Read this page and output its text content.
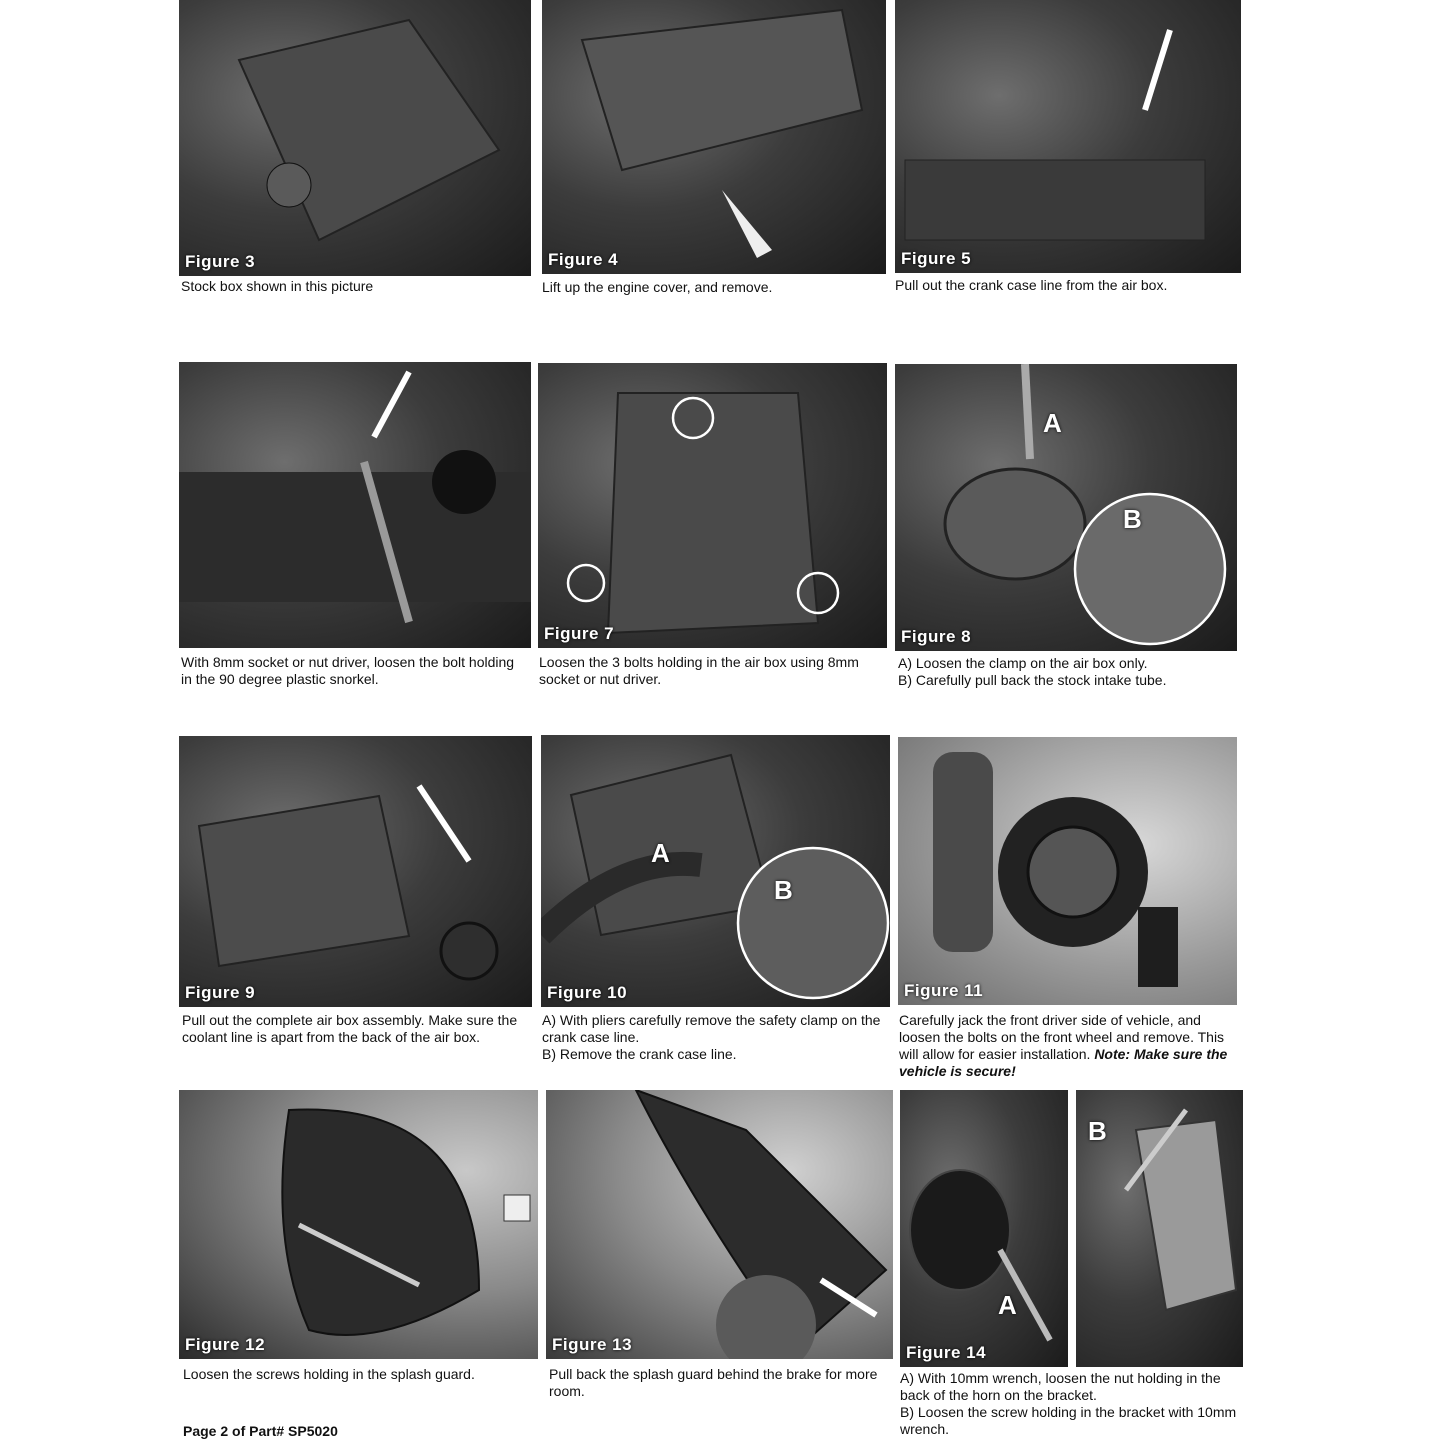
Figure 3

Stock box shown in this picture

Figure 4

Lift up the engine cover, and remove.

Figure 5

Pull out the crank case line from the air box.

With 8mm socket or nut driver, loosen the bolt holding

in the 90 degree plastic snorkel.

Figure 7

Loosen the 3 bolts holding in the air box using 8mm

socket or nut driver.

A
B
Figure 8

A) Loosen the clamp on the air box only.

B) Carefully pull back the stock intake tube.

Figure 9

Pull out the complete air box assembly. Make sure the

coolant line is apart from the back of the air box.

A
B
Figure 10

A) With pliers carefully remove the safety clamp on the

crank case line.

B) Remove the crank case line.

Figure 11

Carefully jack the front driver side of vehicle, and

loosen the bolts on the front wheel and remove. This

will allow for easier installation. Note: Make sure the vehicle is secure!
Figure 12

Loosen the screws holding in the splash guard.

Figure 13

Pull back the splash guard behind the brake for more

room.

A
Figure 14
B

A) With 10mm wrench, loosen the nut holding in the

back of the horn on the bracket.

B) Loosen the screw holding in the bracket with 10mm

wrench.

Page 2 of Part# SP5020
